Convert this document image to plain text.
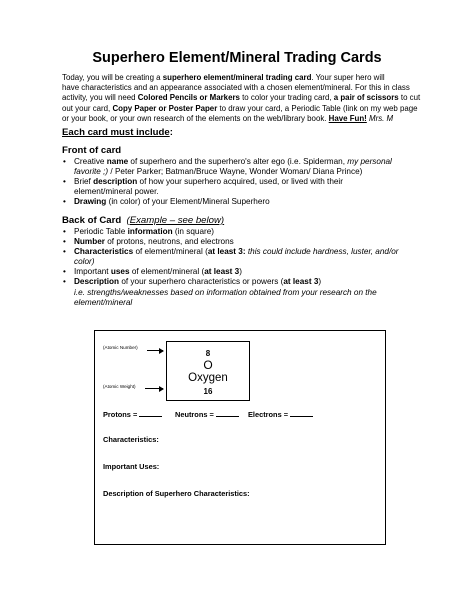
Superhero Element/Mineral Trading Cards
Today, you will be creating a superhero element/mineral trading card. Your super hero will
have characteristics and an appearance associated with a chosen element/mineral. For this in class
activity, you will need Colored Pencils or Markers to color your trading card, a pair of scissors to cut
out your card, Copy Paper or Poster Paper to draw your card, a Periodic Table (link on my web page
or your book, or your own research of the elements on the web/library book. Have Fun! Mrs. M
Each card must include:
Front of card
• Creative name of superhero and the superhero's alter ego (i.e. Spiderman, my personal
favorite ;) / Peter Parker; Batman/Bruce Wayne, Wonder Woman/ Diana Prince)
• Brief description of how your superhero acquired, used, or lived with their
element/mineral power.
• Drawing (in color) of your Element/Mineral Superhero
Back of Card (Example – see below)
• Periodic Table information (in square)
• Number of protons, neutrons, and electrons
• Characteristics of element/mineral (at least 3: this could include hardness, luster, and/or
color)
• Important uses of element/mineral (at least 3)
• Description of your superhero characteristics or powers (at least 3)
i.e. strengths/weaknesses based on information obtained from your research on the
element/mineral
(Atomic Number)
(Atomic Weight)
8
O
Oxygen
16
Protons =	Neutrons =	Electrons =
Characteristics:
Important Uses:
Description of Superhero Characteristics:
